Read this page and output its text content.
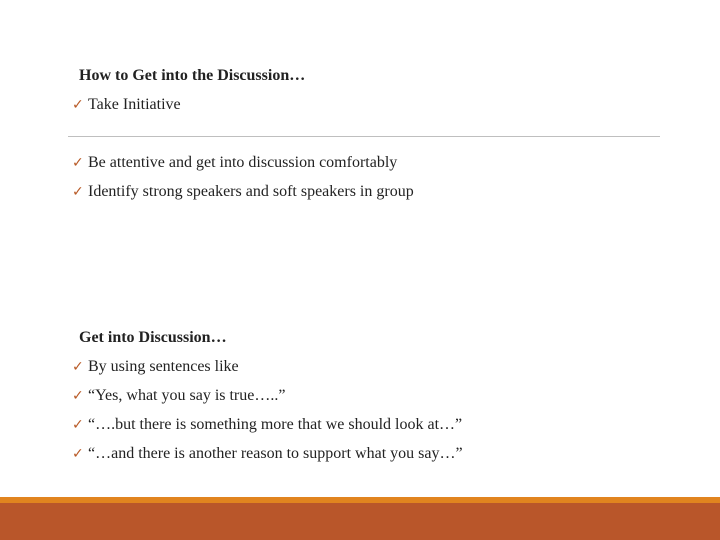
How to Get into the Discussion…
✓ Take Initiative
✓ Be attentive and get into discussion comfortably
✓ Identify strong speakers and soft speakers in group
Get into Discussion…
✓ By using sentences like
✓ “Yes, what you say is true…..”
✓ “….but there is something more that we should look at…”
✓ “…and there is another reason to support what you say…”
